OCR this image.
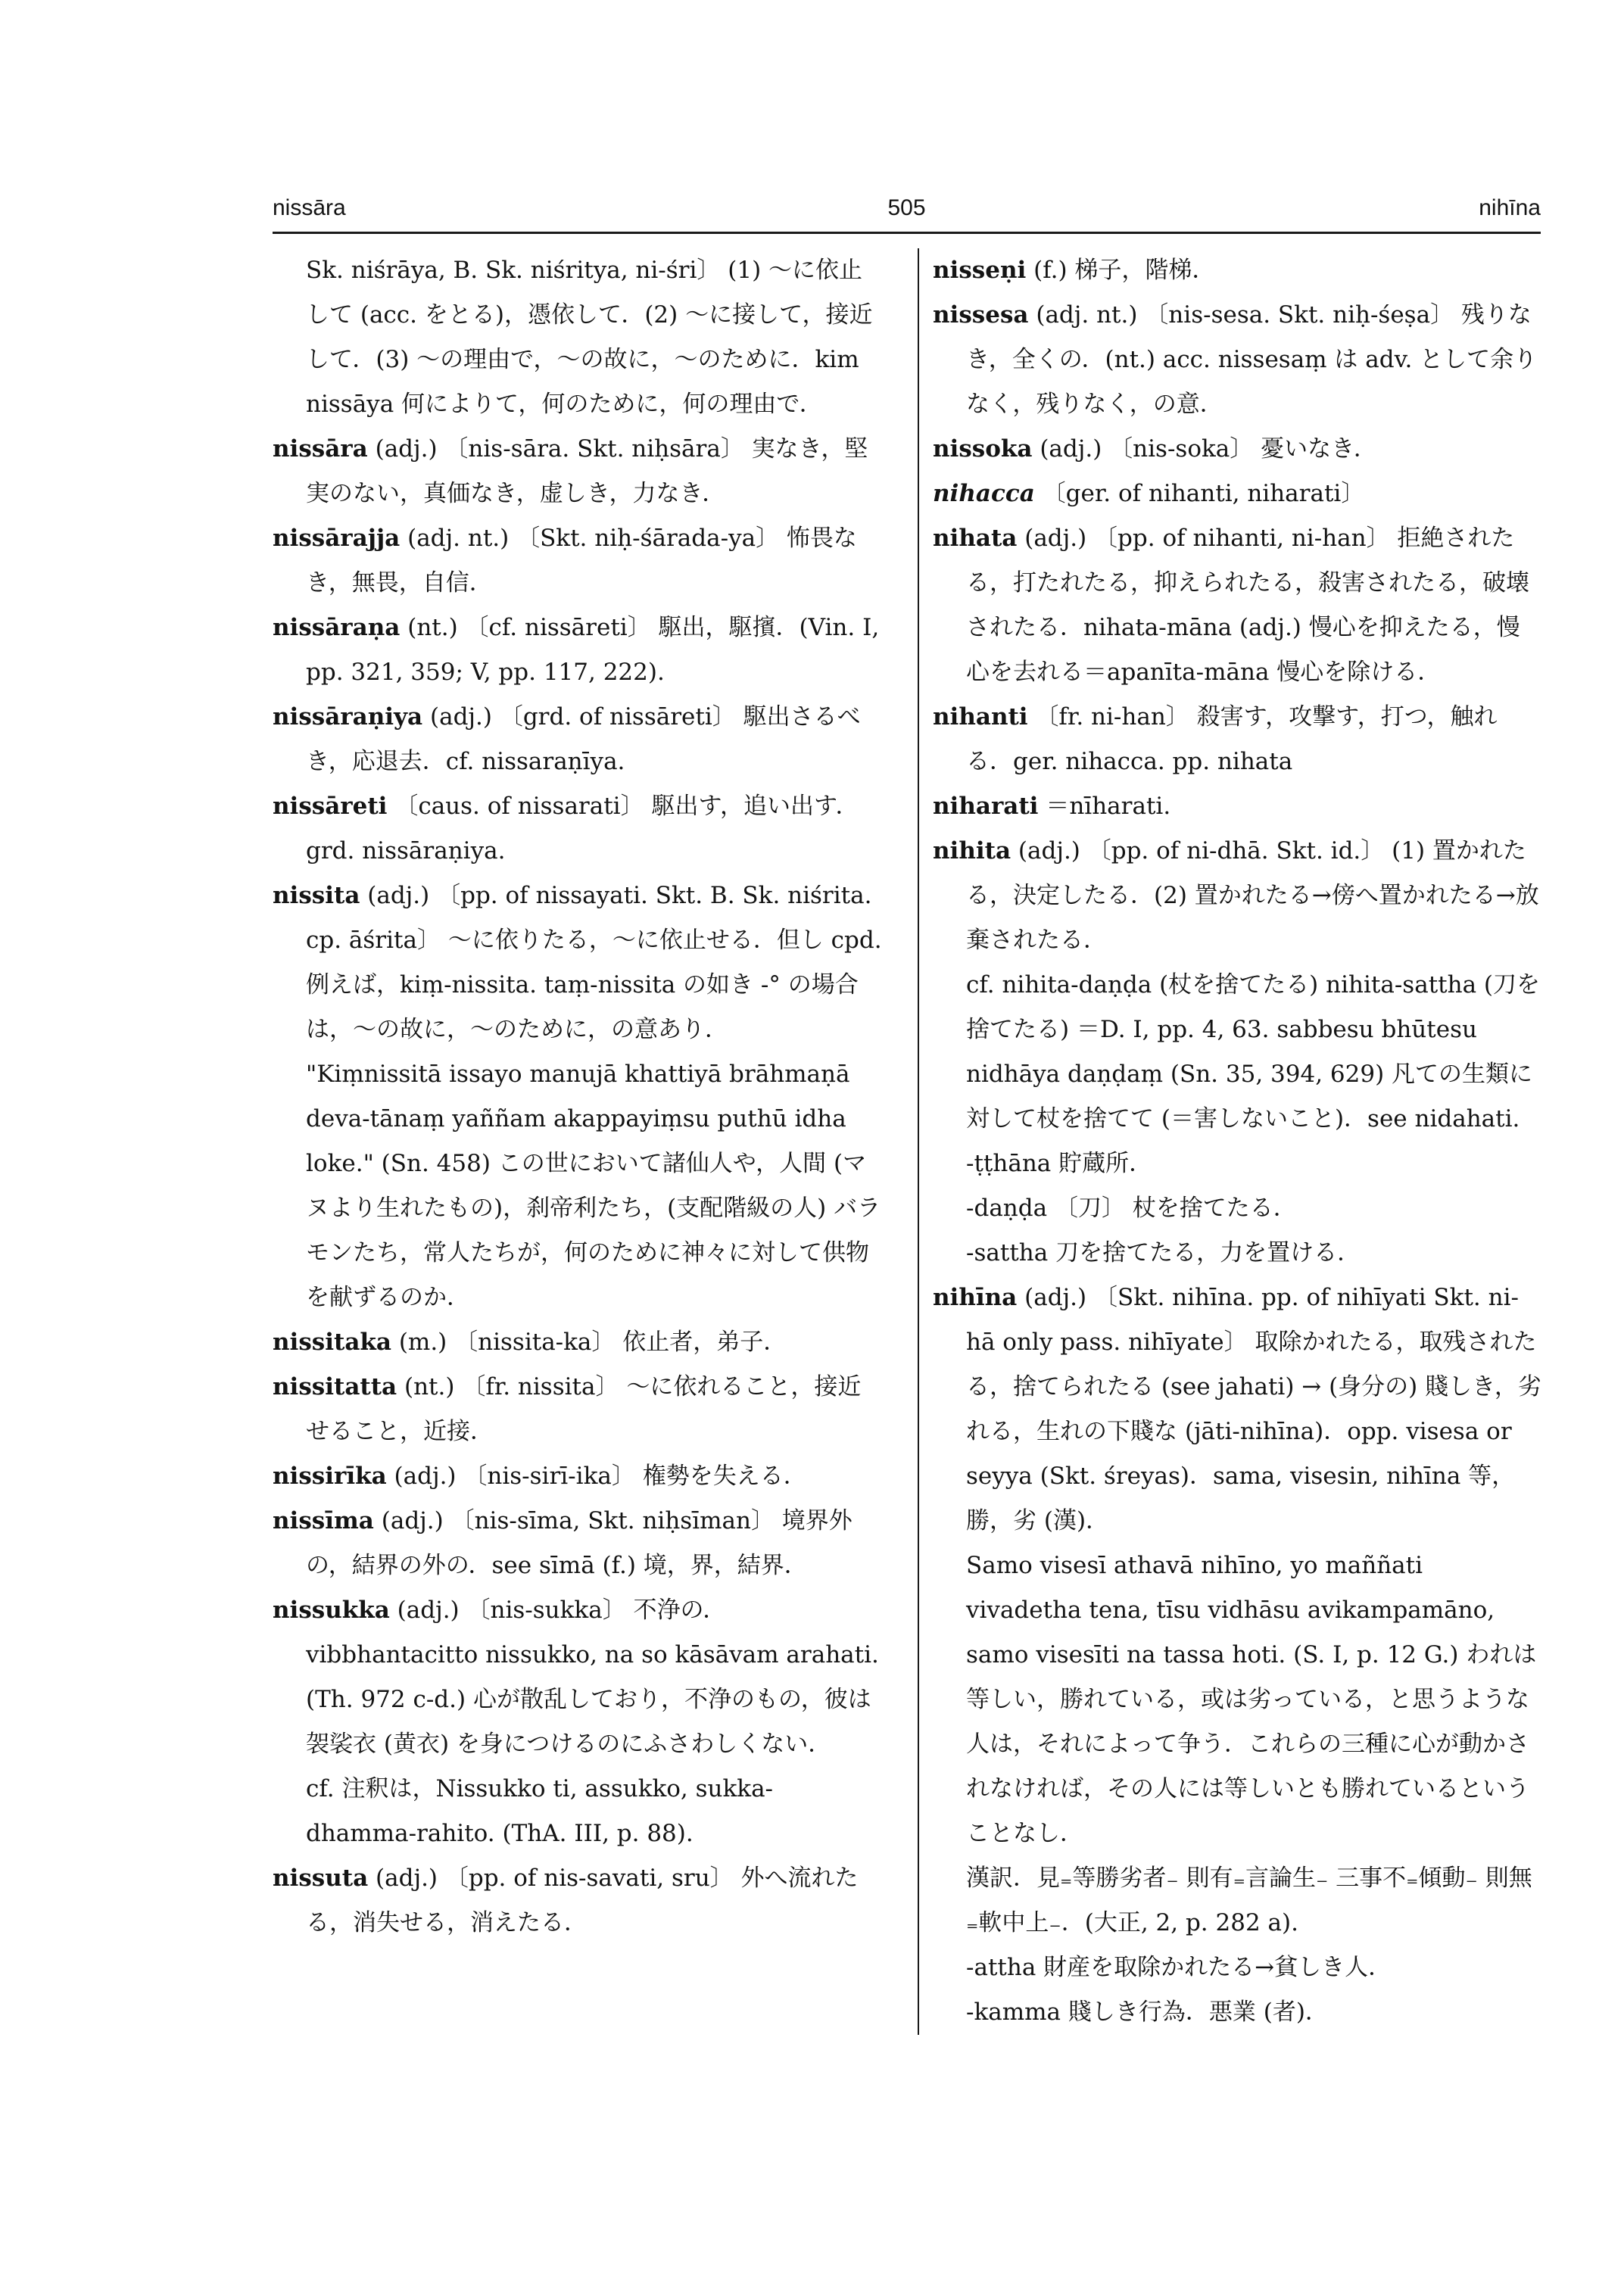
nissāra	505	nihīna

Sk. niśrāya, B. Sk. niśritya, ni-śri〕 (1) ～に依止して (acc. をとる)，憑依して．(2) ～に接して，接近して．(3) ～の理由で，～の故に，～のために．kim nissāya 何によりて，何のために，何の理由で．

nissāra (adj.) 〔nis-sāra. Skt. niḥsāra〕 実なき，堅実のない，真価なき，虚しき，力なき．

nissārajja (adj. nt.) 〔Skt. niḥ-śārada-ya〕 怖畏なき，無畏，自信．

nissāraṇa (nt.) 〔cf. nissāreti〕 駆出，駆擯．(Vin. I, pp. 321, 359; V, pp. 117, 222).

nissāraṇiya (adj.) 〔grd. of nissāreti〕 駆出さるべき，応退去．cf. nissaraṇīya.

nissāreti 〔caus. of nissarati〕 駆出す，追い出す．grd. nissāraṇiya.

nissita (adj.) 〔pp. of nissayati. Skt. B. Sk. niśrita. cp. āśrita〕 ～に依りたる，～に依止せる．但し cpd. 例えば，kiṃ-nissita. taṃ-nissita の如き -° の場合は，～の故に，～のために，の意あり．

"Kiṃnissitā issayo manujā khattiyā brāhmaṇā deva-tānaṃ yaññam akappayiṃsu puthū idha loke." (Sn. 458) この世において諸仙人や，人間 (マヌより生れたもの)，刹帝利たち，(支配階級の人) バラモンたち，常人たちが，何のために神々に対して供物を献ずるのか．

nissitaka (m.) 〔nissita-ka〕 依止者，弟子．

nissitatta (nt.) 〔fr. nissita〕 ～に依れること，接近せること，近接．

nissirīka (adj.) 〔nis-sirī-ika〕 権勢を失える．

nissīma (adj.) 〔nis-sīma, Skt. niḥsīman〕 境界外の，結界の外の．see sīmā (f.) 境，界，結界．

nissukka (adj.) 〔nis-sukka〕 不浄の．

vibbhantacitto nissukko, na so kāsāvam arahati. (Th. 972 c-d.) 心が散乱しており，不浄のもの，彼は袈裟衣 (黄衣) を身につけるのにふさわしくない．

cf. 注釈は，Nissukko ti, assukko, sukka-dhamma-rahito. (ThA. III, p. 88).

nissuta (adj.) 〔pp. of nis-savati, sru〕 外へ流れたる，消失せる，消えたる．

nisseṇi (f.) 梯子，階梯．

nissesa (adj. nt.) 〔nis-sesa. Skt. niḥ-śeṣa〕 残りなき，全くの．(nt.) acc. nissesaṃ は adv. として余りなく，残りなく，の意．

nissoka (adj.) 〔nis-soka〕 憂いなき．

nihacca 〔ger. of nihanti, niharati〕

nihata (adj.) 〔pp. of nihanti, ni-han〕 拒絶されたる，打たれたる，抑えられたる，殺害されたる，破壊されたる．nihata-māna (adj.) 慢心を抑えたる，慢心を去れる＝apanīta-māna 慢心を除ける．

nihanti 〔fr. ni-han〕 殺害す，攻撃す，打つ，触れる．ger. nihacca. pp. nihata

niharati ＝nīharati.

nihita (adj.) 〔pp. of ni-dhā. Skt. id.〕 (1) 置かれたる，決定したる．(2) 置かれたる→傍へ置かれたる→放棄されたる．

cf. nihita-daṇḍa (杖を捨てたる) nihita-sattha (刀を捨てたる) ＝D. I, pp. 4, 63. sabbesu bhūtesu nidhāya daṇḍaṃ (Sn. 35, 394, 629) 凡ての生類に対して杖を捨てて (＝害しないこと)．see nidahati.

-ṭṭhāna 貯蔵所．

-daṇḍa 〔刀〕 杖を捨てたる．

-sattha 刀を捨てたる，力を置ける．

nihīna (adj.) 〔Skt. nihīna. pp. of nihīyati Skt. ni-hā only pass. nihīyate〕 取除かれたる，取残されたる，捨てられたる (see jahati) → (身分の) 賤しき，劣れる，生れの下賤な (jāti-nihīna)．opp. visesa or seyya (Skt. śreyas)．sama, visesin, nihīna 等，勝，劣 (漢)．

Samo visesī athavā nihīno, yo maññati vivadetha tena, tīsu vidhāsu avikampamāno, samo visesīti na tassa hoti. (S. I, p. 12 G.) われは等しい，勝れている，或は劣っている，と思うような人は，それによって争う．これらの三種に心が動かされなければ，その人には等しいとも勝れているということなし．

漢訳．見₌等勝劣者₋ 則有₌言論生₋ 三事不₌傾動₋ 則無₌軟中上₋．(大正, 2, p. 282 a).

-attha 財産を取除かれたる→貧しき人．

-kamma 賤しき行為．悪業 (者)．
